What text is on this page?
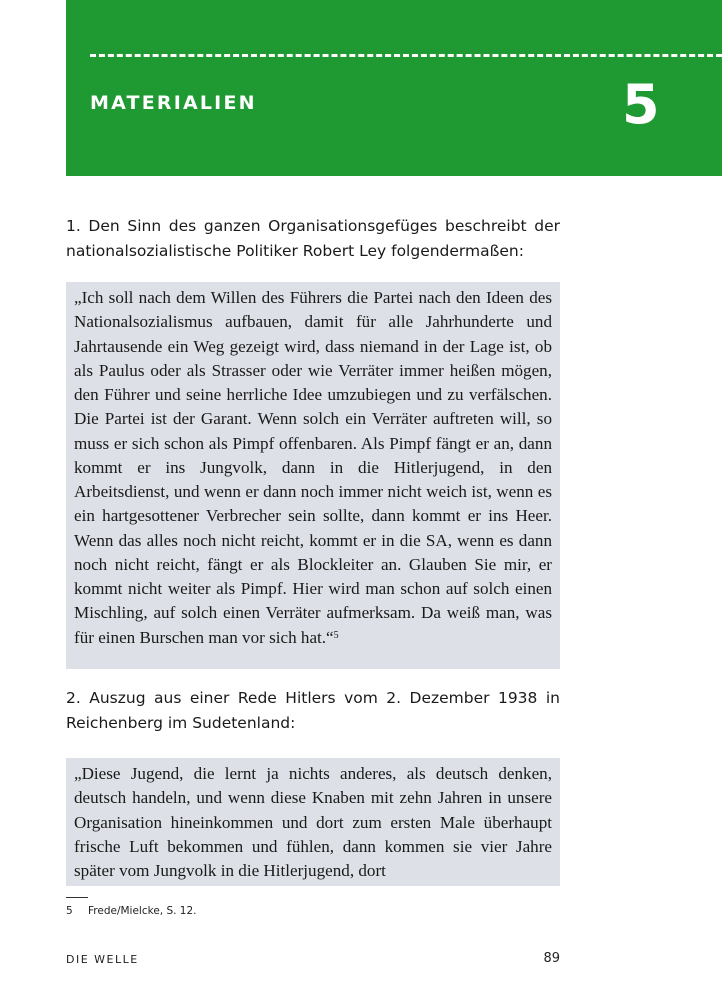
MATERIALIEN	5

1. Den Sinn des ganzen Organisationsgefüges beschreibt der nationalsozialistische Politiker Robert Ley folgendermaßen:

„Ich soll nach dem Willen des Führers die Partei nach den Ideen des Nationalsozialismus aufbauen, damit für alle Jahrhunderte und Jahrtausende ein Weg gezeigt wird, dass niemand in der Lage ist, ob als Paulus oder als Strasser oder wie Verräter immer heißen mögen, den Führer und seine herrliche Idee umzubiegen und zu verfälschen. Die Partei ist der Garant. Wenn solch ein Verräter auftreten will, so muss er sich schon als Pimpf offenbaren. Als Pimpf fängt er an, dann kommt er ins Jungvolk, dann in die Hitlerjugend, in den Arbeitsdienst, und wenn er dann noch immer nicht weich ist, wenn es ein hartgesottener Verbrecher sein sollte, dann kommt er ins Heer. Wenn das alles noch nicht reicht, kommt er in die SA, wenn es dann noch nicht reicht, fängt er als Blockleiter an. Glauben Sie mir, er kommt nicht weiter als Pimpf. Hier wird man schon auf solch einen Mischling, auf solch einen Verräter aufmerksam. Da weiß man, was für einen Burschen man vor sich hat.“$^5$

2. Auszug aus einer Rede Hitlers vom 2. Dezember 1938 in Reichenberg im Sudetenland:

„Diese Jugend, die lernt ja nichts anderes, als deutsch denken, deutsch handeln, und wenn diese Knaben mit zehn Jahren in unsere Organisation hineinkommen und dort zum ersten Male überhaupt frische Luft bekommen und fühlen, dann kommen sie vier Jahre später vom Jungvolk in die Hitlerjugend, dort
5 Frede/Mielcke, S. 12.
DIE WELLE	89
